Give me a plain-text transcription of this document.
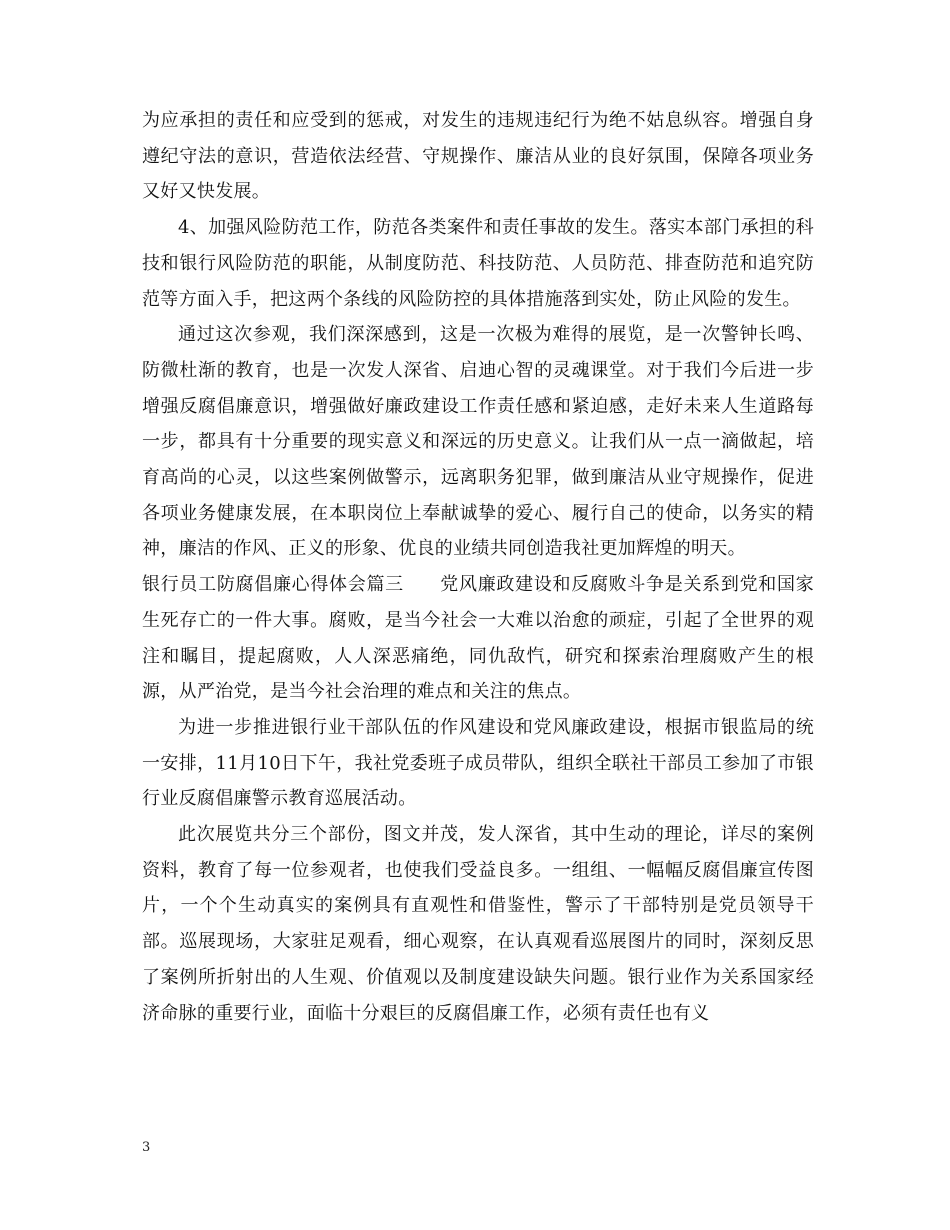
为应承担的责任和应受到的惩戒，对发生的违规违纪行为绝不姑息纵容。增强自身遵纪守法的意识，营造依法经营、守规操作、廉洁从业的良好氛围，保障各项业务又好又快发展。

4、加强风险防范工作，防范各类案件和责任事故的发生。落实本部门承担的科技和银行风险防范的职能，从制度防范、科技防范、人员防范、排查防范和追究防范等方面入手，把这两个条线的风险防控的具体措施落到实处，防止风险的发生。

通过这次参观，我们深深感到，这是一次极为难得的展览，是一次警钟长鸣、防微杜渐的教育，也是一次发人深省、启迪心智的灵魂课堂。对于我们今后进一步增强反腐倡廉意识，增强做好廉政建设工作责任感和紧迫感，走好未来人生道路每一步，都具有十分重要的现实意义和深远的历史意义。让我们从一点一滴做起，培育高尚的心灵，以这些案例做警示，远离职务犯罪，做到廉洁从业守规操作，促进各项业务健康发展，在本职岗位上奉献诚挚的爱心、履行自己的使命，以务实的精神，廉洁的作风、正义的形象、优良的业绩共同创造我社更加辉煌的明天。

银行员工防腐倡廉心得体会篇三 党风廉政建设和反腐败斗争是关系到党和国家生死存亡的一件大事。腐败，是当今社会一大难以治愈的顽症，引起了全世界的观注和瞩目，提起腐败，人人深恶痛绝，同仇敌忾，研究和探索治理腐败产生的根源，从严治党，是当今社会治理的难点和关注的焦点。

为进一步推进银行业干部队伍的作风建设和党风廉政建设，根据市银监局的统一安排，11月10日下午，我社党委班子成员带队，组织全联社干部员工参加了市银行业反腐倡廉警示教育巡展活动。

此次展览共分三个部份，图文并茂，发人深省，其中生动的理论，详尽的案例资料，教育了每一位参观者，也使我们受益良多。一组组、一幅幅反腐倡廉宣传图片，一个个生动真实的案例具有直观性和借鉴性，警示了干部特别是党员领导干部。巡展现场，大家驻足观看，细心观察，在认真观看巡展图片的同时，深刻反思了案例所折射出的人生观、价值观以及制度建设缺失问题。银行业作为关系国家经济命脉的重要行业，面临十分艰巨的反腐倡廉工作，必须有责任也有义

3
